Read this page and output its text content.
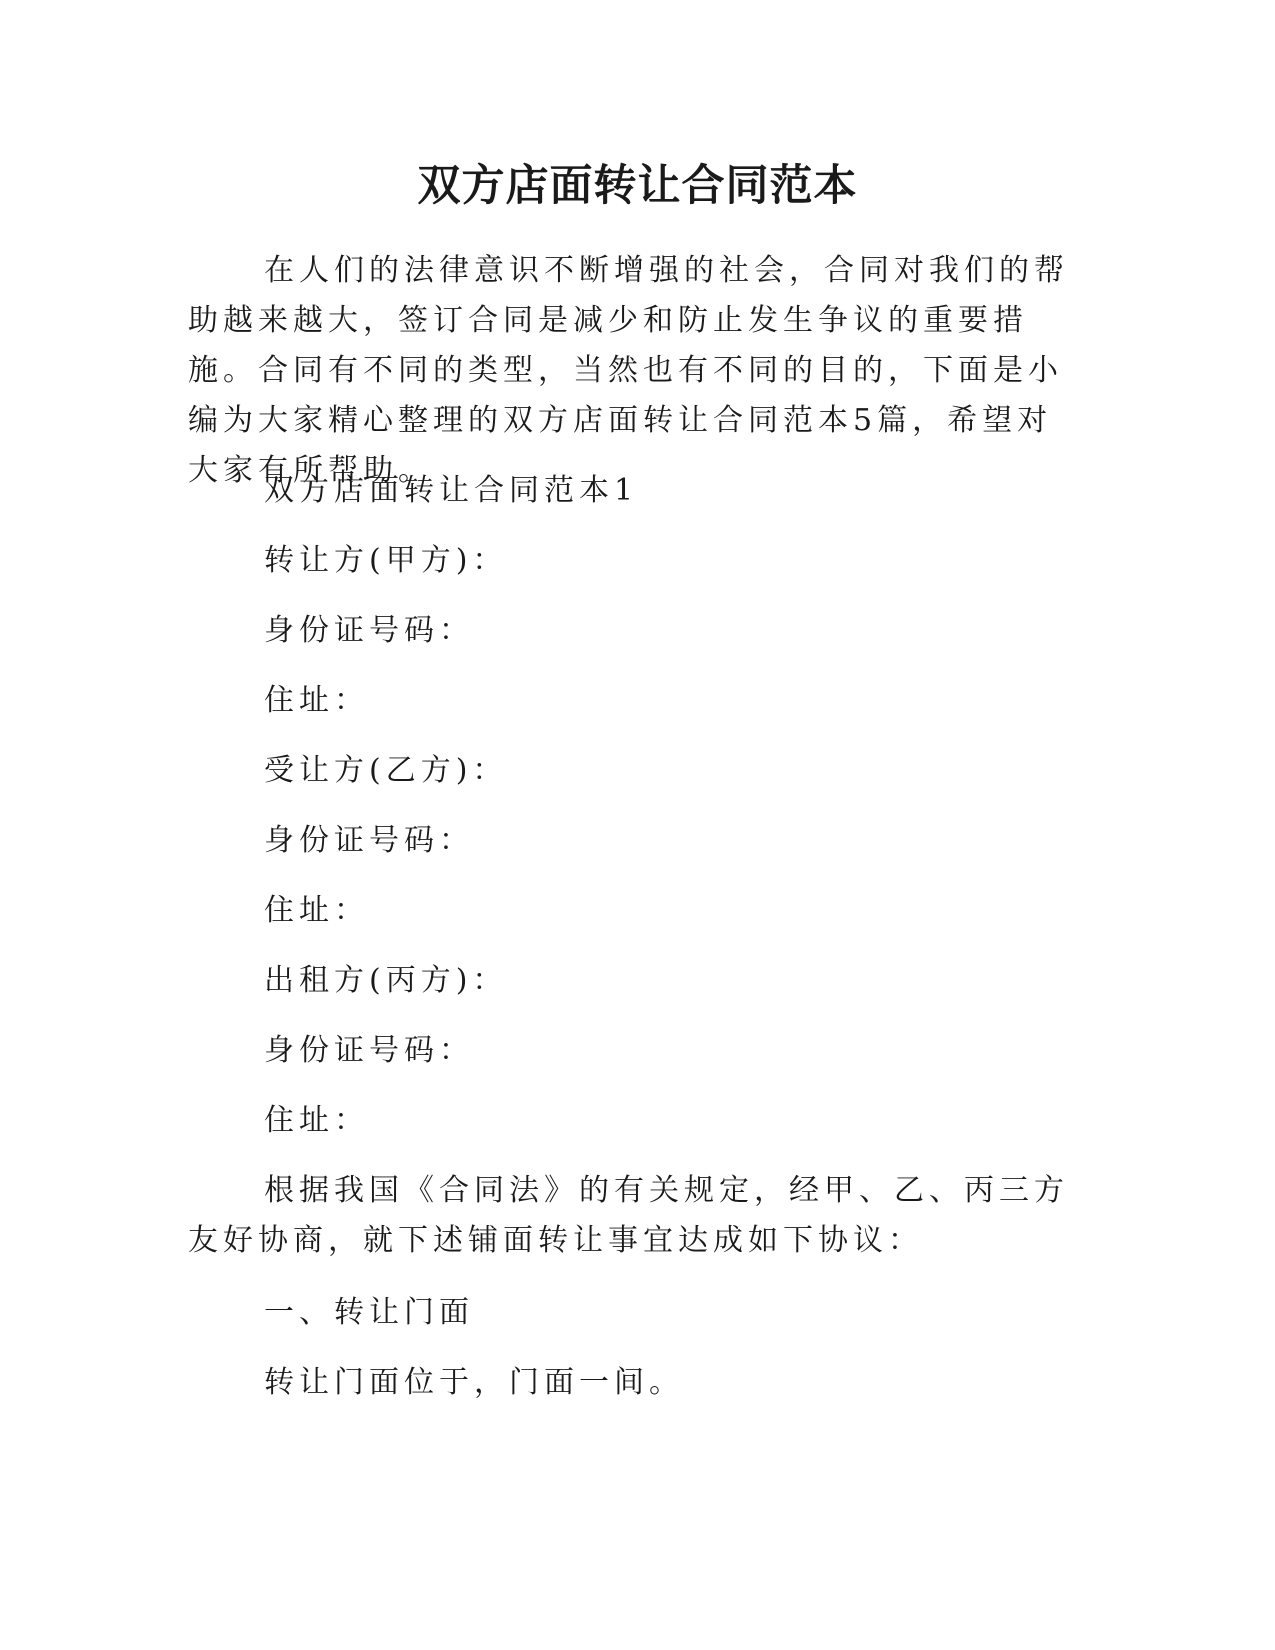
双方店面转让合同范本

在人们的法律意识不断增强的社会，合同对我们的帮助越来越大，签订合同是减少和防止发生争议的重要措施。合同有不同的类型，当然也有不同的目的，下面是小编为大家精心整理的双方店面转让合同范本5篇，希望对大家有所帮助。

双方店面转让合同范本1

转让方(甲方)：

身份证号码：

住址：

受让方(乙方)：

身份证号码：

住址：

出租方(丙方)：

身份证号码：

住址：

根据我国《合同法》的有关规定，经甲、乙、丙三方友好协商，就下述铺面转让事宜达成如下协议：

一、转让门面

转让门面位于，门面一间。
